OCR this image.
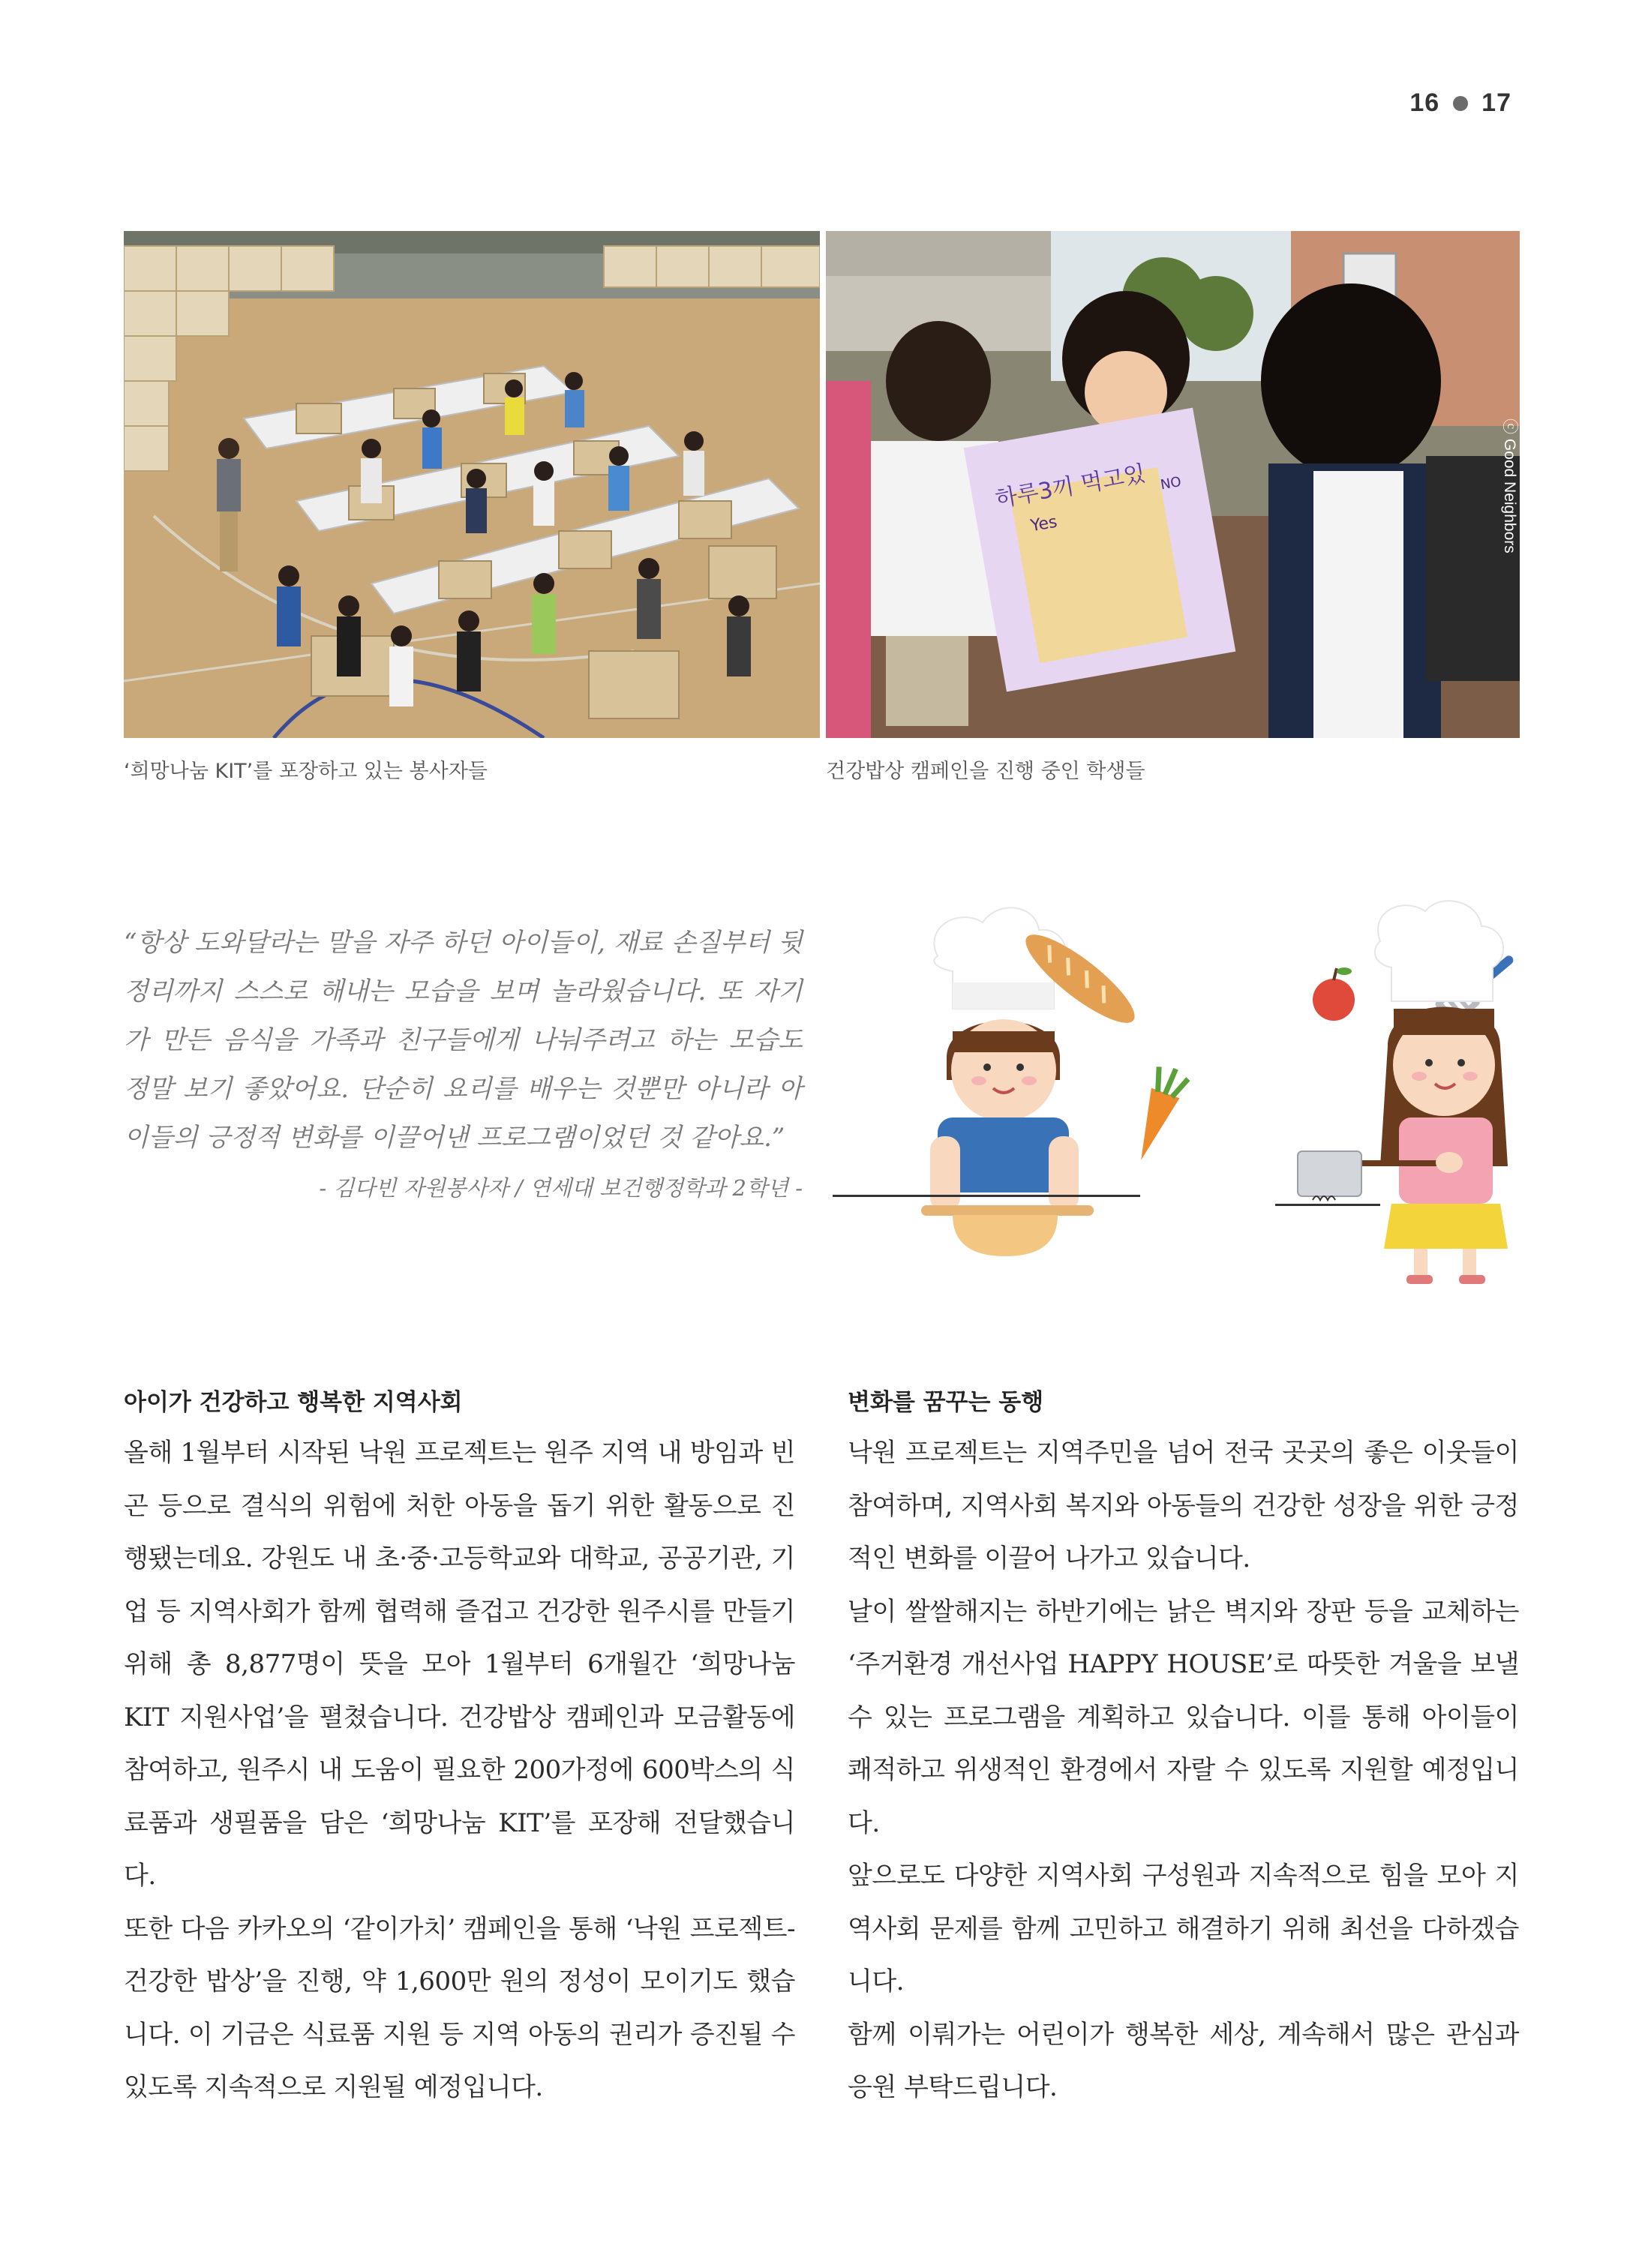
16 17
하루3끼 먹고있
Yes
NO	ⓒ Good Neighbors
‘희망나눔 KIT’를 포장하고 있는 봉사자들	건강밥상 캠페인을 진행 중인 학생들

“항상 도와달라는 말을 자주 하던 아이들이, 재료 손질부터 뒷정리까지 스스로 해내는 모습을 보며 놀라웠습니다. 또 자기가 만든 음식을 가족과 친구들에게 나눠주려고 하는 모습도 정말 보기 좋았어요. 단순히 요리를 배우는 것뿐만 아니라 아이들의 긍정적 변화를 이끌어낸 프로그램이었던 것 같아요.”

- 김다빈 자원봉사자 / 연세대 보건행정학과 2학년 -

아이가 건강하고 행복한 지역사회

올해 1월부터 시작된 낙원 프로젝트는 원주 지역 내 방임과 빈곤 등으로 결식의 위험에 처한 아동을 돕기 위한 활동으로 진행됐는데요. 강원도 내 초·중·고등학교와 대학교, 공공기관, 기업 등 지역사회가 함께 협력해 즐겁고 건강한 원주시를 만들기 위해 총 8,877명이 뜻을 모아 1월부터 6개월간 ‘희망나눔 KIT 지원사업’을 펼쳤습니다. 건강밥상 캠페인과 모금활동에 참여하고, 원주시 내 도움이 필요한 200가정에 600박스의 식료품과 생필품을 담은 ‘희망나눔 KIT’를 포장해 전달했습니다.

또한 다음 카카오의 ‘같이가치’ 캠페인을 통해 ‘낙원 프로젝트-건강한 밥상’을 진행, 약 1,600만 원의 정성이 모이기도 했습니다. 이 기금은 식료품 지원 등 지역 아동의 권리가 증진될 수 있도록 지속적으로 지원될 예정입니다.

변화를 꿈꾸는 동행

낙원 프로젝트는 지역주민을 넘어 전국 곳곳의 좋은 이웃들이 참여하며, 지역사회 복지와 아동들의 건강한 성장을 위한 긍정적인 변화를 이끌어 나가고 있습니다.

날이 쌀쌀해지는 하반기에는 낡은 벽지와 장판 등을 교체하는 ‘주거환경 개선사업 HAPPY HOUSE’로 따뜻한 겨울을 보낼 수 있는 프로그램을 계획하고 있습니다. 이를 통해 아이들이 쾌적하고 위생적인 환경에서 자랄 수 있도록 지원할 예정입니다.

앞으로도 다양한 지역사회 구성원과 지속적으로 힘을 모아 지역사회 문제를 함께 고민하고 해결하기 위해 최선을 다하겠습니다.

함께 이뤄가는 어린이가 행복한 세상, 계속해서 많은 관심과 응원 부탁드립니다.
